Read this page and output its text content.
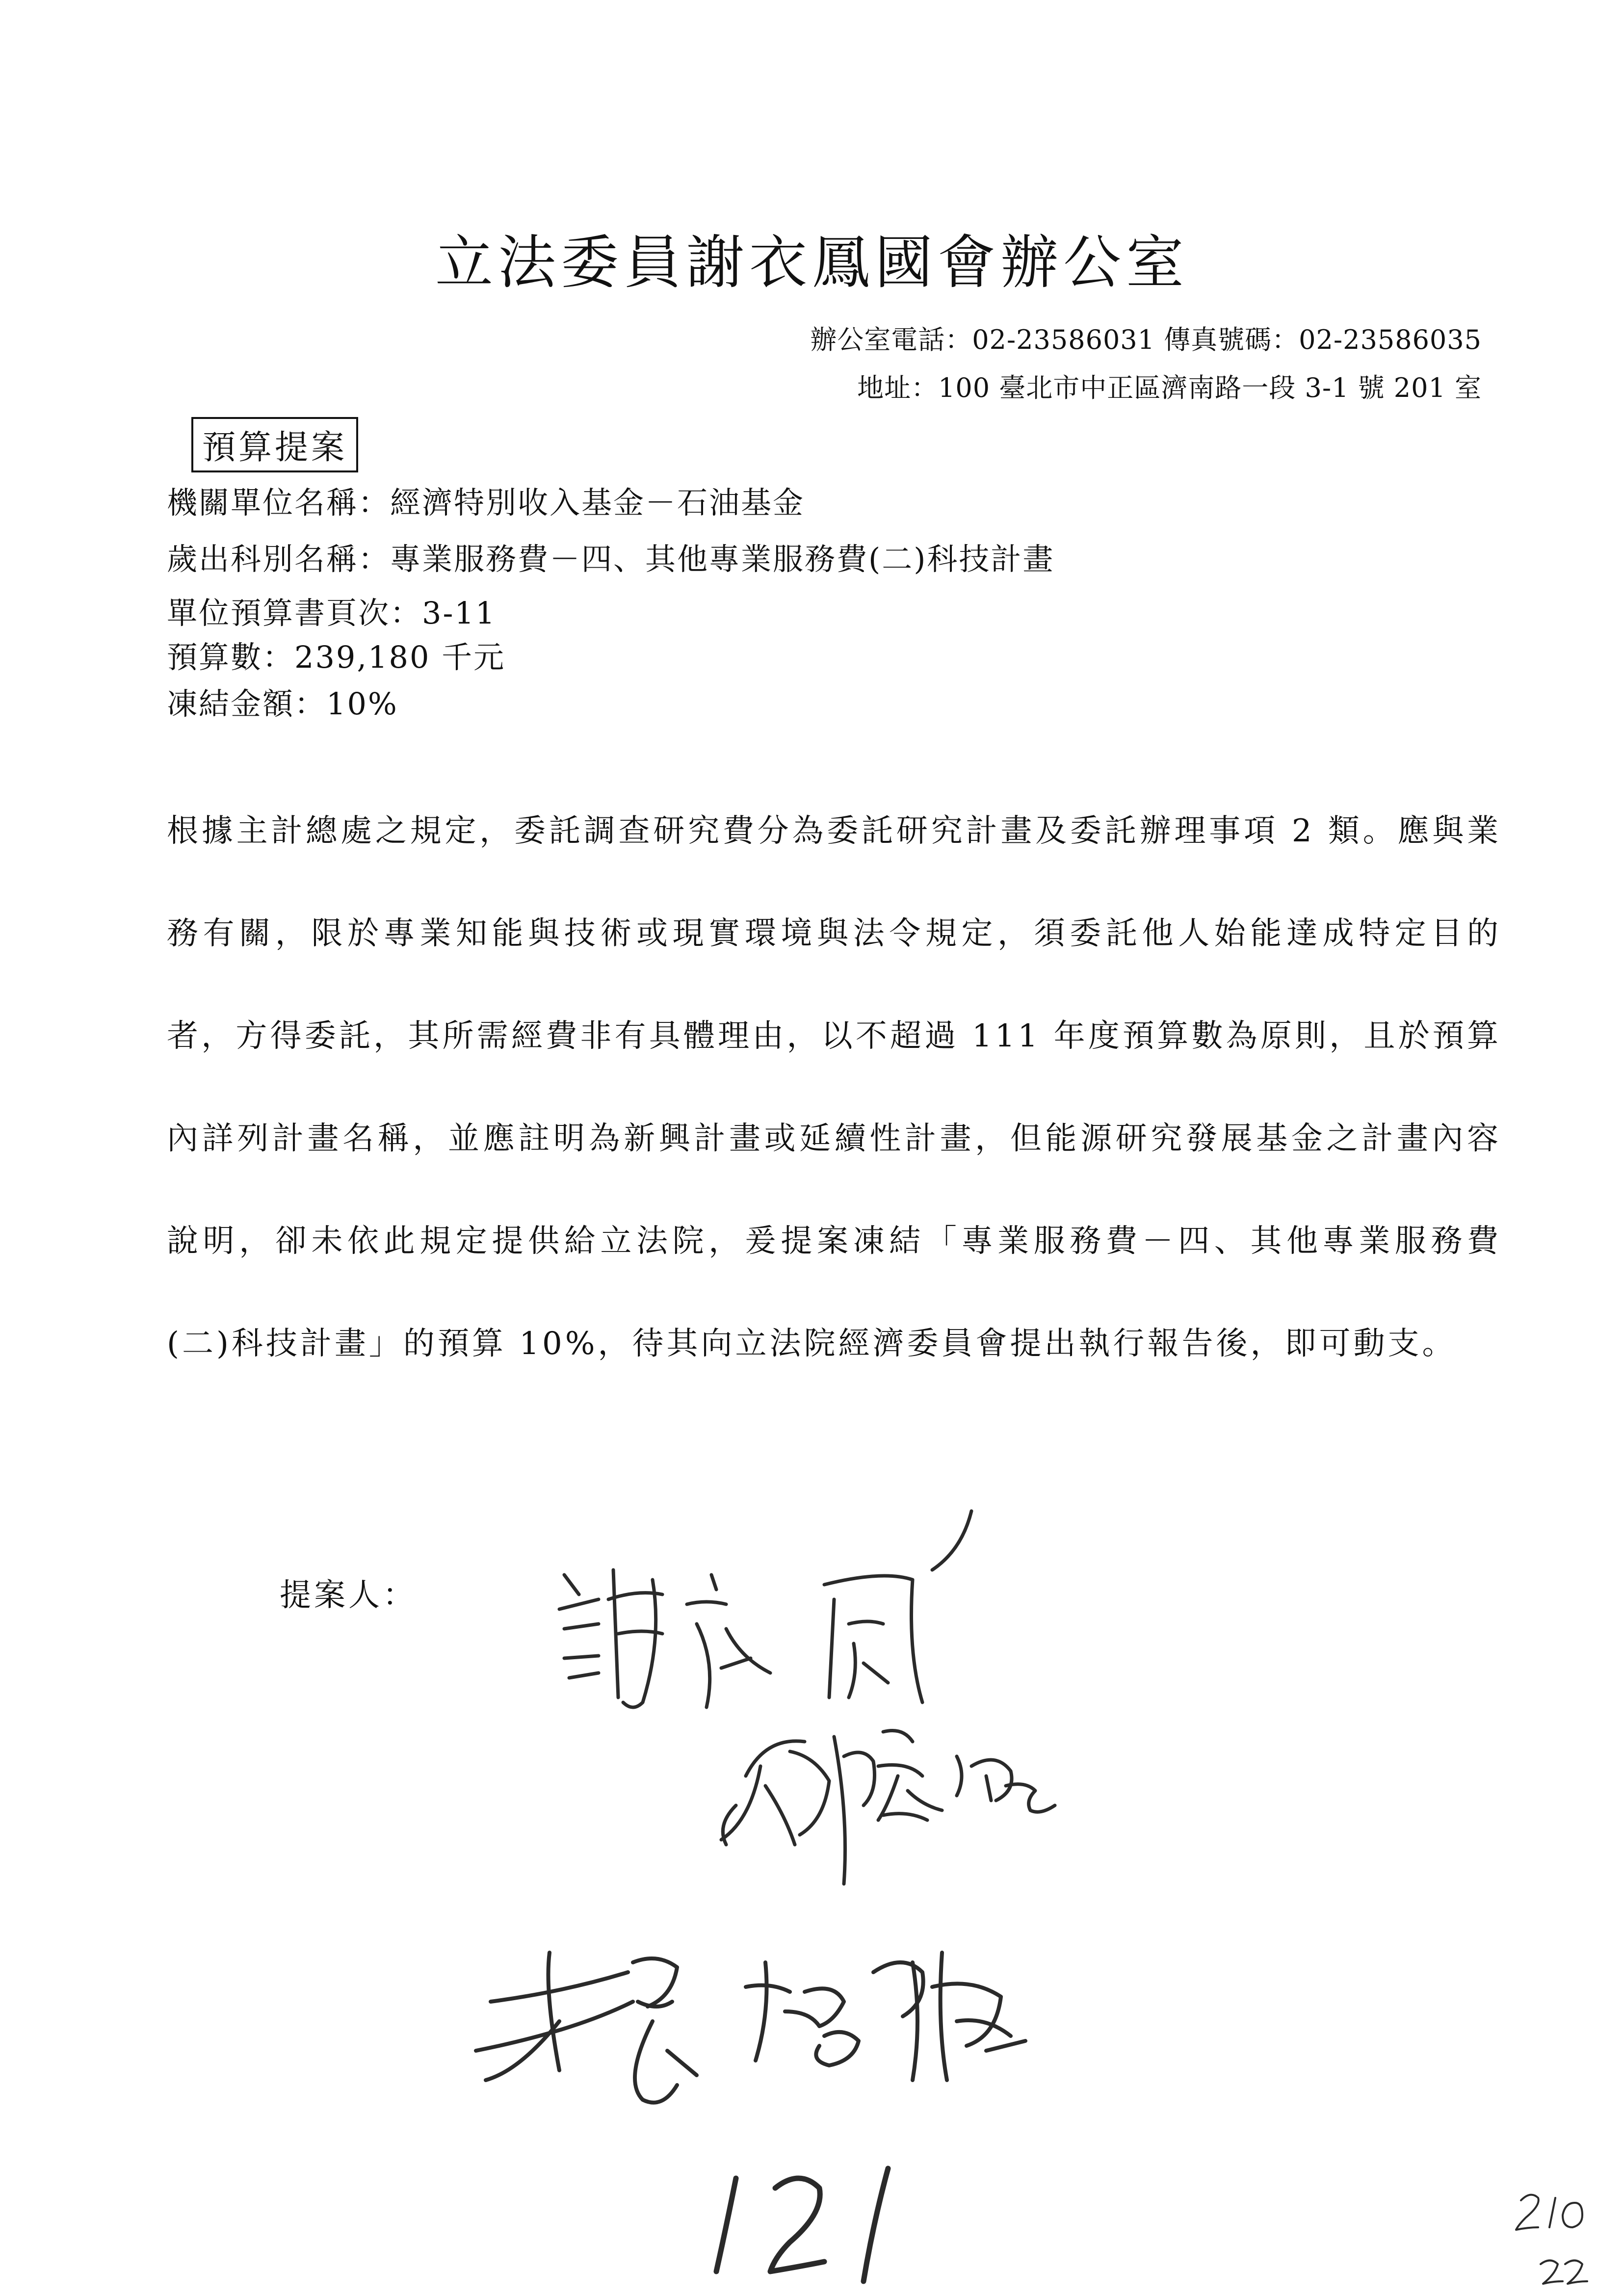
立法委員謝衣鳳國會辦公室
辦公室電話：02-23586031 傳真號碼：02-23586035
地址：100 臺北市中正區濟南路一段 3-1 號 201 室
預算提案
機關單位名稱：經濟特別收入基金－石油基金
歲出科別名稱：專業服務費－四、其他專業服務費(二)科技計畫
單位預算書頁次：3-11
預算數：239,180 千元
凍結金額：10%
根據主計總處之規定，委託調查研究費分為委託研究計畫及委託辦理事項 2 類。應與業務有關，限於專業知能與技術或現實環境與法令規定，須委託他人始能達成特定目的者，方得委託，其所需經費非有具體理由，以不超過 111 年度預算數為原則，且於預算內詳列計畫名稱，並應註明為新興計畫或延續性計畫，但能源研究發展基金之計畫內容說明，卻未依此規定提供給立法院，爰提案凍結「專業服務費－四、其他專業服務費(二)科技計畫」的預算 10%，待其向立法院經濟委員會提出執行報告後，即可動支。
提案人：
